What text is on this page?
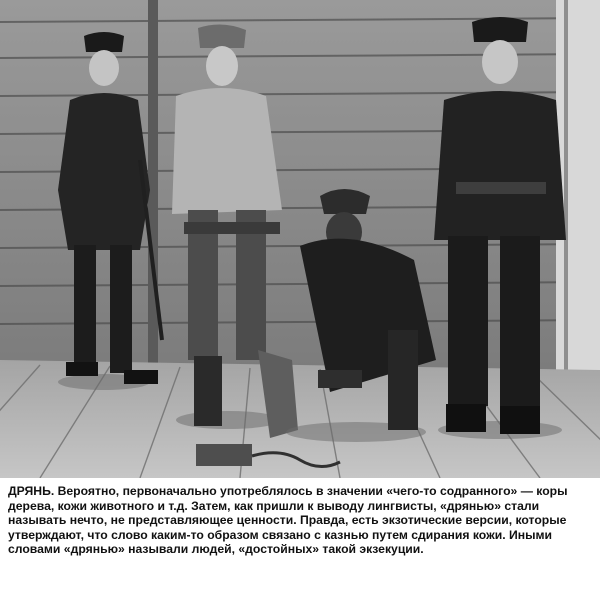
ДРЯНЬ. Вероятно, первоначально употреблялось в значении «чего-то содранного» — коры дерева, кожи животного и т.д. Затем, как пришли к выводу лингвисты, «дрянью» стали называть нечто, не представляющее ценности. Правда, есть экзотические версии, которые утверждают, что слово каким-то образом связано с казнью путем сдирания кожи. Иными словами «дрянью» называли людей, «достойных» такой экзекуции.
